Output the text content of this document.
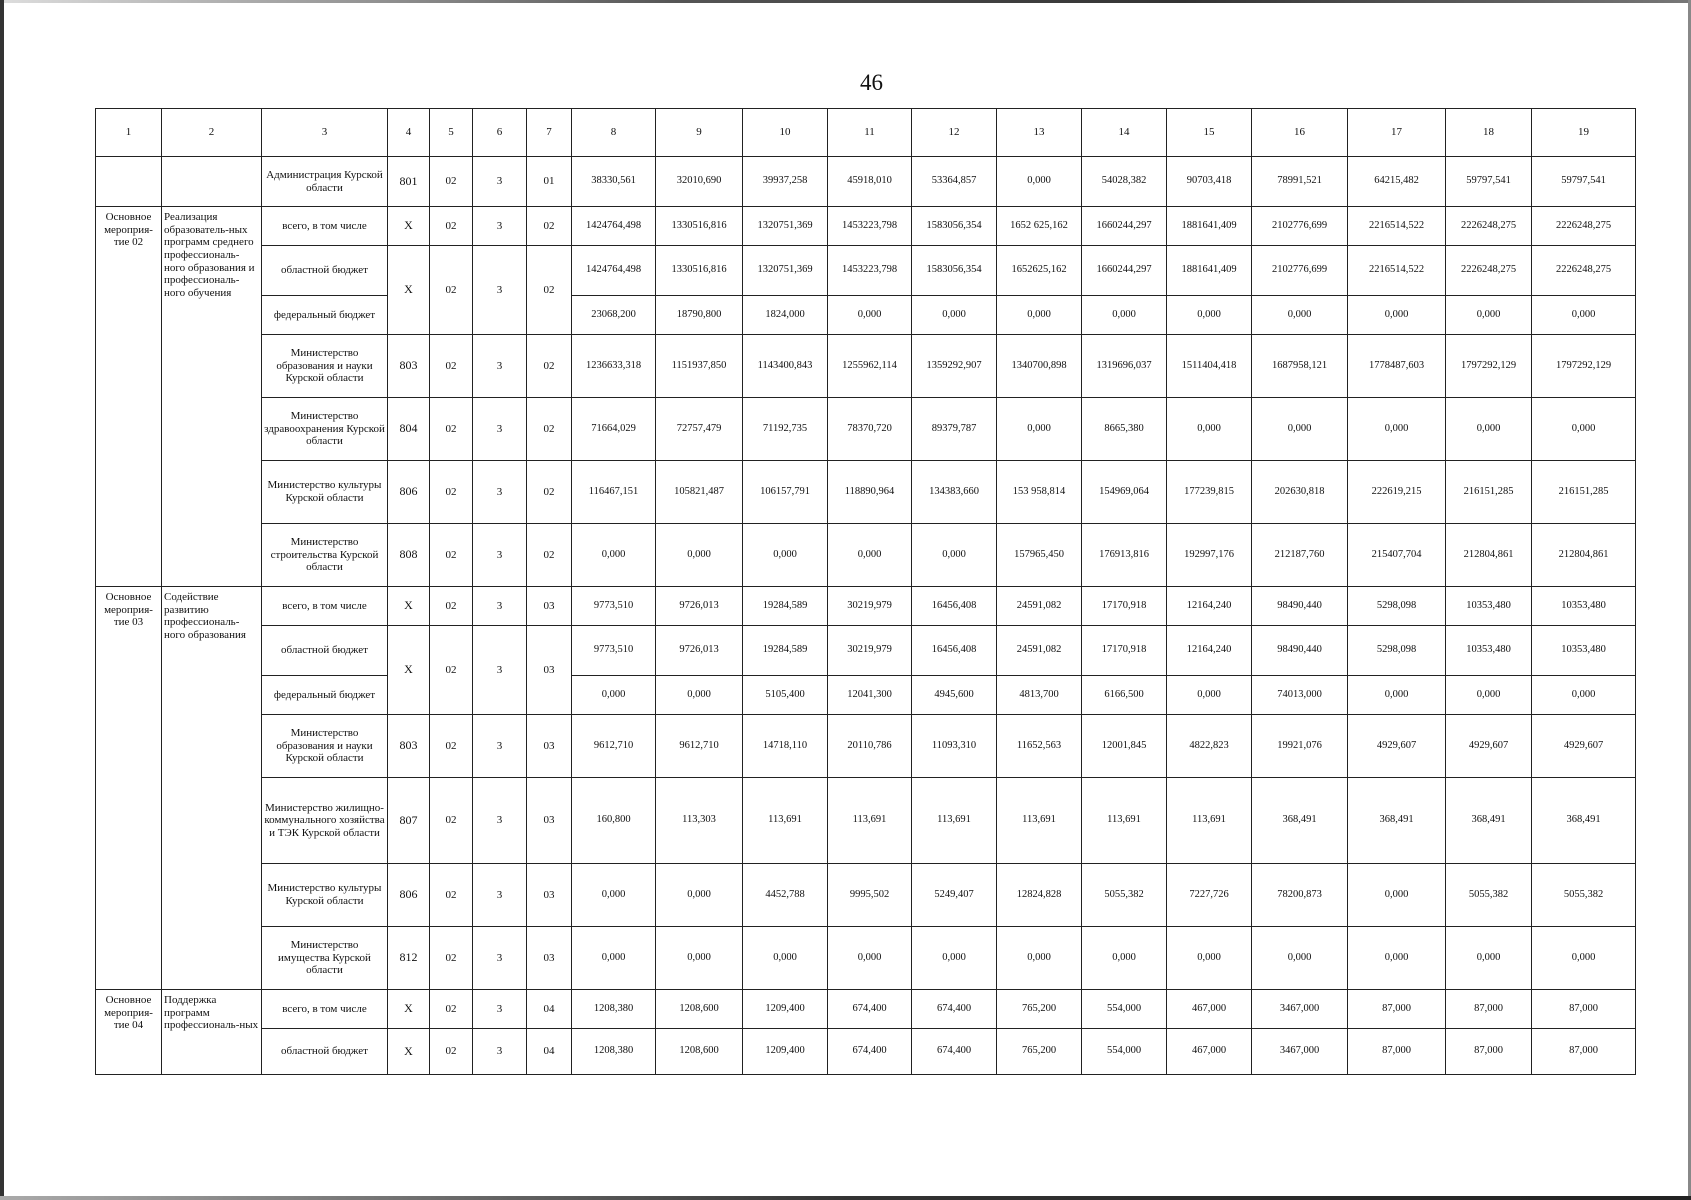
46
1	2	3	4	5	6	7	8	9	10	11	12	13	14	15	16	17	18	19
		Администрация Курской области	801	02	3	01	38330,561	32010,690	39937,258	45918,010	53364,857	0,000	54028,382	90703,418	78991,521	64215,482	59797,541	59797,541
Основное мероприя-тие 02	Реализация образователь-ных программ среднего профессиональ-ного образования и профессиональ-ного обучения	всего, в том числе	X	02	3	02	1424764,498	1330516,816	1320751,369	1453223,798	1583056,354	1652 625,162	1660244,297	1881641,409	2102776,699	2216514,522	2226248,275	2226248,275
		областной бюджет	X	02	3	02	1424764,498	1330516,816	1320751,369	1453223,798	1583056,354	1652625,162	1660244,297	1881641,409	2102776,699	2216514,522	2226248,275	2226248,275
		федеральный бюджет					23068,200	18790,800	1824,000	0,000	0,000	0,000	0,000	0,000	0,000	0,000	0,000	0,000
		Министерство образования и науки Курской области	803	02	3	02	1236633,318	1151937,850	1143400,843	1255962,114	1359292,907	1340700,898	1319696,037	1511404,418	1687958,121	1778487,603	1797292,129	1797292,129
		Министерство здравоохранения Курской области	804	02	3	02	71664,029	72757,479	71192,735	78370,720	89379,787	0,000	8665,380	0,000	0,000	0,000	0,000	0,000
		Министерство культуры Курской области	806	02	3	02	116467,151	105821,487	106157,791	118890,964	134383,660	153 958,814	154969,064	177239,815	202630,818	222619,215	216151,285	216151,285
		Министерство строительства Курской области	808	02	3	02	0,000	0,000	0,000	0,000	0,000	157965,450	176913,816	192997,176	212187,760	215407,704	212804,861	212804,861
Основное мероприя-тие 03	Содействие развитию профессиональ-ного образования	всего, в том числе	X	02	3	03	9773,510	9726,013	19284,589	30219,979	16456,408	24591,082	17170,918	12164,240	98490,440	5298,098	10353,480	10353,480
		областной бюджет	X	02	3	03	9773,510	9726,013	19284,589	30219,979	16456,408	24591,082	17170,918	12164,240	98490,440	5298,098	10353,480	10353,480
		федеральный бюджет					0,000	0,000	5105,400	12041,300	4945,600	4813,700	6166,500	0,000	74013,000	0,000	0,000	0,000
		Министерство образования и науки Курской области	803	02	3	03	9612,710	9612,710	14718,110	20110,786	11093,310	11652,563	12001,845	4822,823	19921,076	4929,607	4929,607	4929,607
		Министерство жилищно-коммунального хозяйства и ТЭК Курской области	807	02	3	03	160,800	113,303	113,691	113,691	113,691	113,691	113,691	113,691	368,491	368,491	368,491	368,491
		Министерство культуры Курской области	806	02	3	03	0,000	0,000	4452,788	9995,502	5249,407	12824,828	5055,382	7227,726	78200,873	0,000	5055,382	5055,382
		Министерство имущества Курской области	812	02	3	03	0,000	0,000	0,000	0,000	0,000	0,000	0,000	0,000	0,000	0,000	0,000	0,000
Основное мероприя-тие 04	Поддержка программ профессиональ-ных	всего, в том числе	X	02	3	04	1208,380	1208,600	1209,400	674,400	674,400	765,200	554,000	467,000	3467,000	87,000	87,000	87,000
		областной бюджет	X	02	3	04	1208,380	1208,600	1209,400	674,400	674,400	765,200	554,000	467,000	3467,000	87,000	87,000	87,000
